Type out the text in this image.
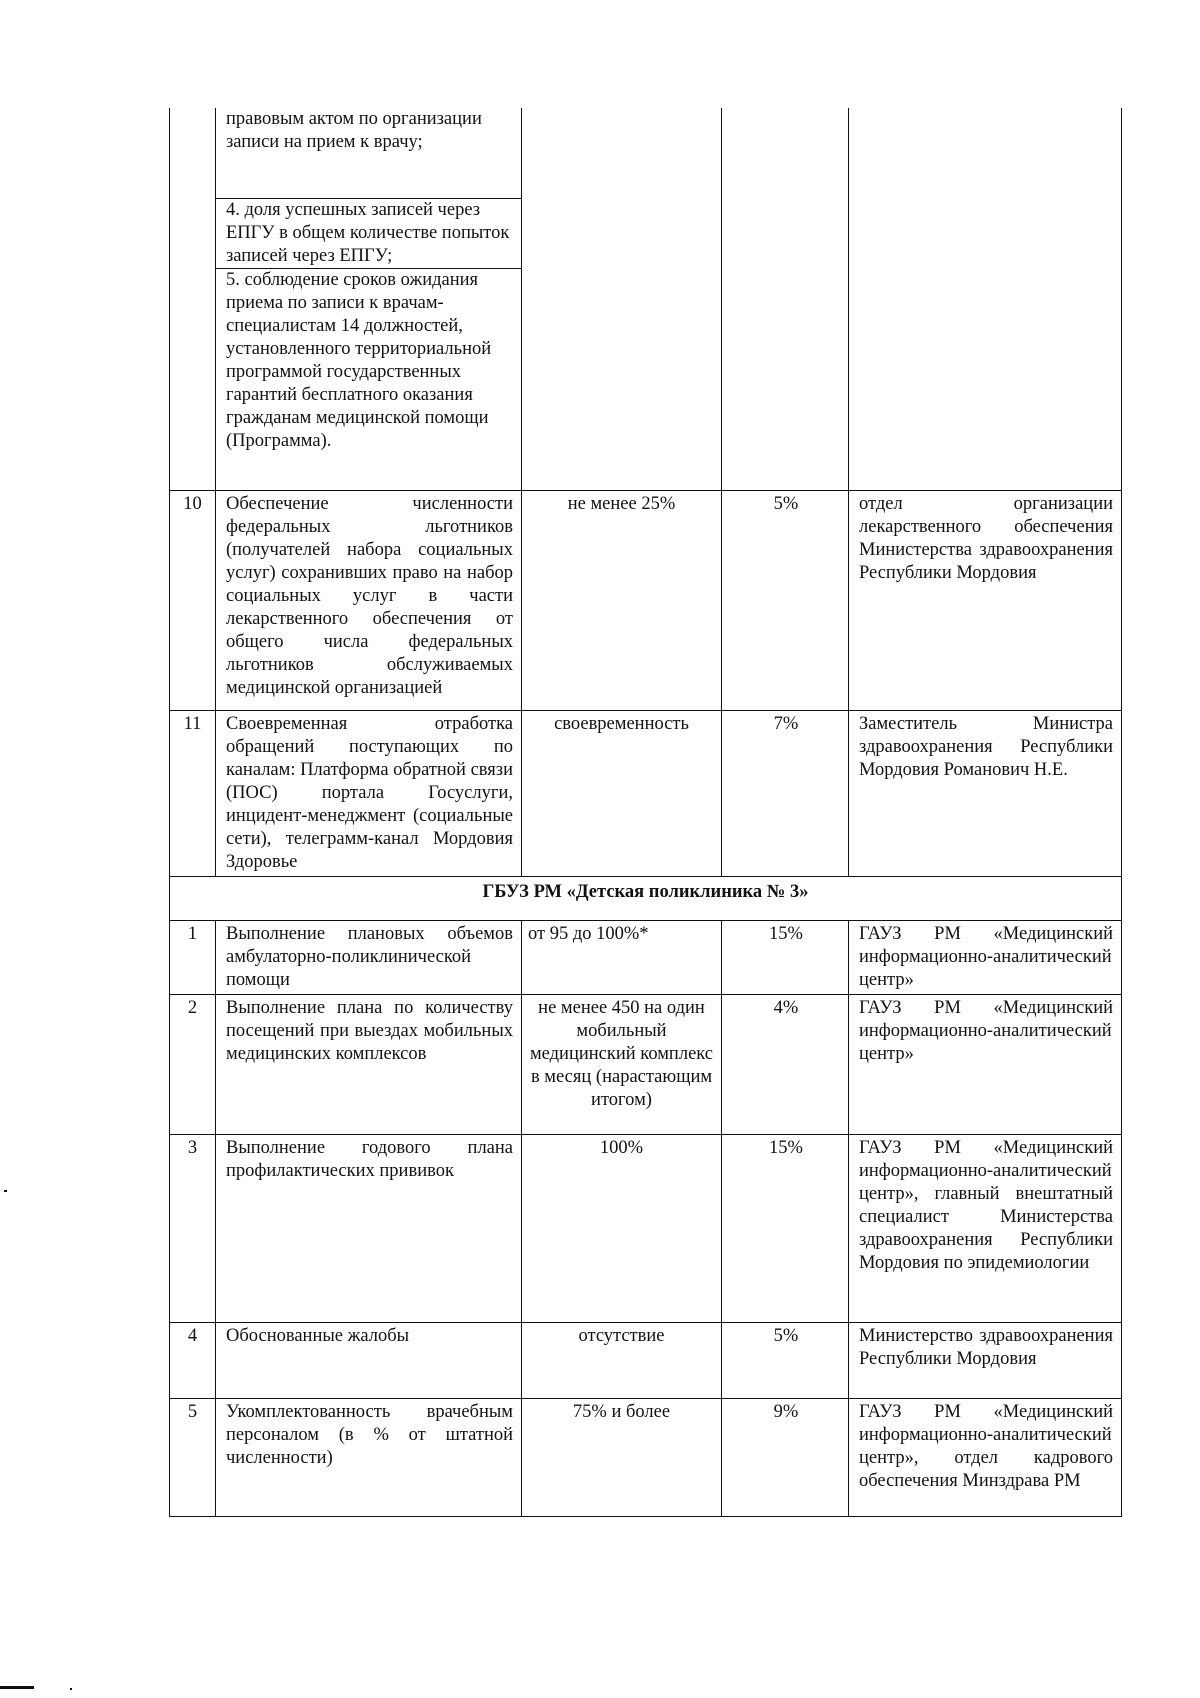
	правовым актом по организации записи на прием к врачу;
4. доля успешных записей через ЕПГУ в общем количестве попыток записей через ЕПГУ;
5. соблюдение сроков ожидания приема по записи к врачам-специалистам 14 должностей, установленного территориальной программой государственных гарантий бесплатного оказания гражданам медицинской помощи (Программа).			

10	Обеспечение численности федеральных льготников (получателей набора социальных услуг) сохранивших право на набор социальных услуг в части лекарственного обеспечения от общего числа федеральных льготников обслуживаемых медицинской организацией	не менее 25%	5%	отдел организации лекарственного обеспечения Министерства здравоохранения Республики Мордовия
11	Своевременная отработка обращений поступающих по каналам: Платформа обратной связи (ПОС) портала Госуслуги, инцидент-менеджмент (социальные сети), телеграмм-канал Мордовия Здоровье	своевременность	7%	Заместитель Министра здравоохранения Республики Мордовия Романович Н.Е.
ГБУЗ РМ «Детская поликлиника № 3»				
1	Выполнение плановых объемов амбулаторно-поликлинической помощи	от 95 до 100%*	15%	ГАУЗ РМ «Медицинский информационно-аналитический центр»
2	Выполнение плана по количеству посещений при выездах мобильных медицинских комплексов	не менее 450 на один мобильный медицинский комплекс в месяц (нарастающим итогом)	4%	ГАУЗ РМ «Медицинский информационно-аналитический центр»
3	Выполнение годового плана профилактических прививок	100%	15%	ГАУЗ РМ «Медицинский информационно-аналитический центр», главный внештатный специалист Министерства здравоохранения Республики Мордовия по эпидемиологии
4	Обоснованные жалобы	отсутствие	5%	Министерство здравоохранения Республики Мордовия
5	Укомплектованность врачебным персоналом (в % от штатной численности)	75% и более	9%	ГАУЗ РМ «Медицинский информационно-аналитический центр», отдел кадрового обеспечения Минздрава РМ
